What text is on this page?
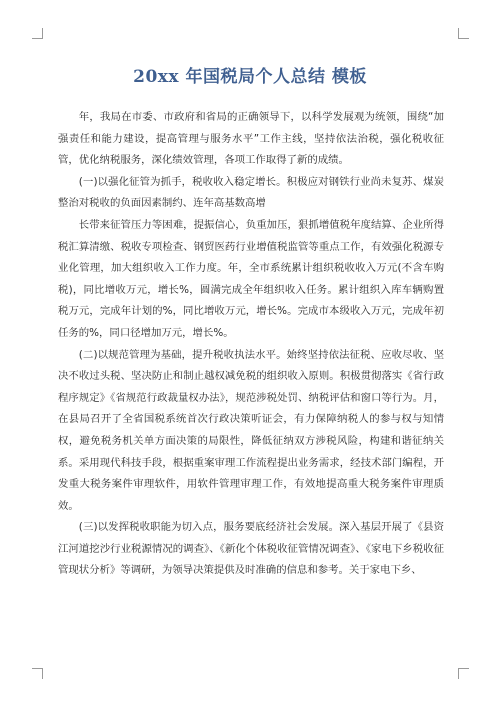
20xx 年国税局个人总结 模板

年，我局在市委、市政府和省局的正确领导下，以科学发展观为统领，围绕“加强责任和能力建设，提高管理与服务水平”工作主线，坚持依法治税，强化税收征管，优化纳税服务，深化绩效管理，各项工作取得了新的成绩。

(一)以强化征管为抓手，税收收入稳定增长。积极应对钢铁行业尚未复苏、煤炭整治对税收的负面因素制约、连年高基数高增

长带来征管压力等困难，提振信心，负重加压，狠抓增值税年度结算、企业所得税汇算清缴、税收专项检查、钢贸医药行业增值税监管等重点工作，有效强化税源专业化管理，加大组织收入工作力度。年，全市系统累计组织税收收入万元(不含车购税)，同比增收万元，增长%，圆满完成全年组织收入任务。累计组织入库车辆购置税万元，完成年计划的%，同比增收万元，增长%。完成市本级收入万元，完成年初任务的%，同口径增加万元，增长%。

(二)以规范管理为基础，提升税收执法水平。始终坚持依法征税、应收尽收、坚决不收过头税、坚决防止和制止越权减免税的组织收入原则。积极贯彻落实《省行政程序规定》《省规范行政裁量权办法》，规范涉税处罚、纳税评估和窗口等行为。月，在县局召开了全省国税系统首次行政决策听证会，有力保障纳税人的参与权与知情权，避免税务机关单方面决策的局限性，降低征纳双方涉税风险，构建和谐征纳关系。采用现代科技手段，根据重案审理工作流程提出业务需求，经技术部门编程，开发重大税务案件审理软件，用软件管理审理工作，有效地提高重大税务案件审理质效。

(三)以发挥税收职能为切入点，服务要底经济社会发展。深入基层开展了《县资江河道挖沙行业税源情况的调查》、《新化个体税收征管情况调查》、《家电下乡税收征管现状分析》等调研，为领导决策提供及时准确的信息和参考。关于家电下乡、
